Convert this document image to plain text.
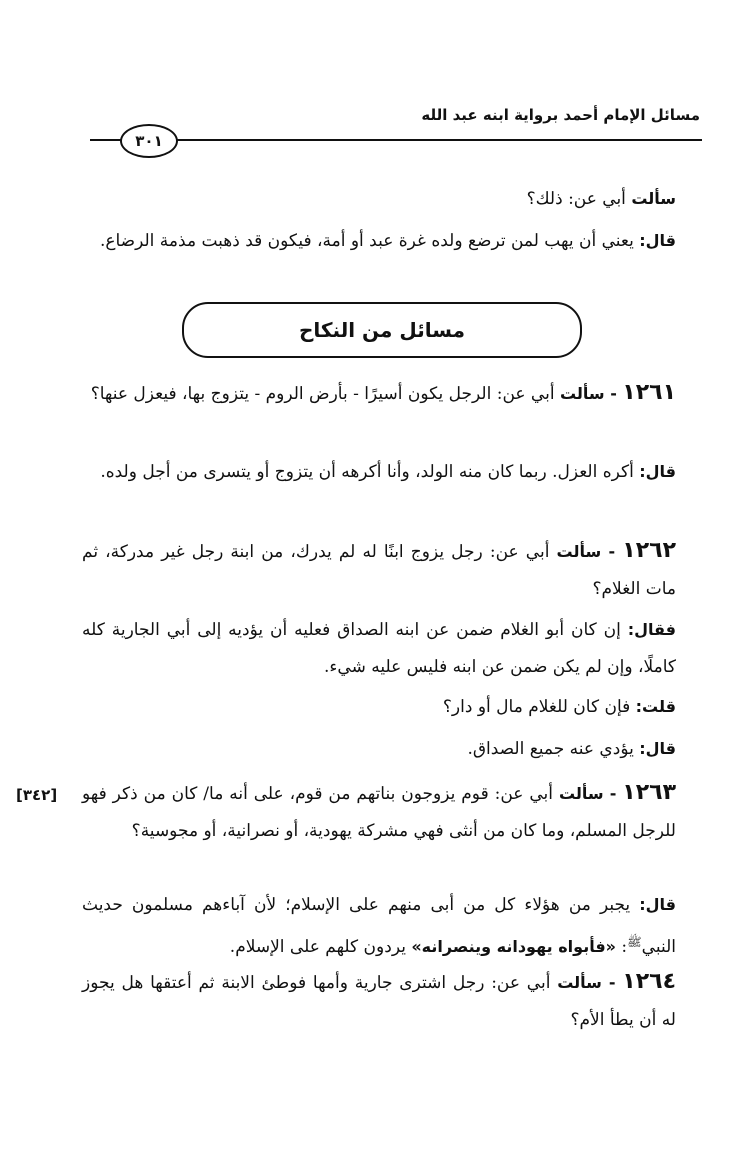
مسائل الإمام أحمد برواية ابنه عبد الله
٣٠١
سألت أبي عن: ذلك؟
قال: يعني أن يهب لمن ترضع ولده غرة عبد أو أمة، فيكون قد ذهبت مذمة الرضاع.
مسائل من النكاح
١٢٦١ - سألت أبي عن: الرجل يكون أسيرًا - بأرض الروم - يتزوج بها، فيعزل عنها؟
قال: أكره العزل. ربما كان منه الولد، وأنا أكرهه أن يتزوج أو يتسرى من أجل ولده.
١٢٦٢ - سألت أبي عن: رجل يزوج ابنًا له لم يدرك، من ابنة رجل غير مدركة، ثم مات الغلام؟
فقال: إن كان أبو الغلام ضمن عن ابنه الصداق فعليه أن يؤديه إلى أبي الجارية كله كاملًا، وإن لم يكن ضمن عن ابنه فليس عليه شيء.
قلت: فإن كان للغلام مال أو دار؟
قال: يؤدي عنه جميع الصداق.
[٣٤٢]	١٢٦٣ - سألت أبي عن: قوم يزوجون بناتهم من قوم، على أنه ما/ كان من ذكر فهو للرجل المسلم، وما كان من أنثى فهي مشركة يهودية، أو نصرانية، أو مجوسية؟
قال: يجبر من هؤلاء كل من أبى منهم على الإسلام؛ لأن آباءهم مسلمون حديث النبي$^ﷺ$: «فأبواه يهودانه وينصرانه» يردون كلهم على الإسلام.
١٢٦٤ - سألت أبي عن: رجل اشترى جارية وأمها فوطئ الابنة ثم أعتقها هل يجوز له أن يطأ الأم؟
